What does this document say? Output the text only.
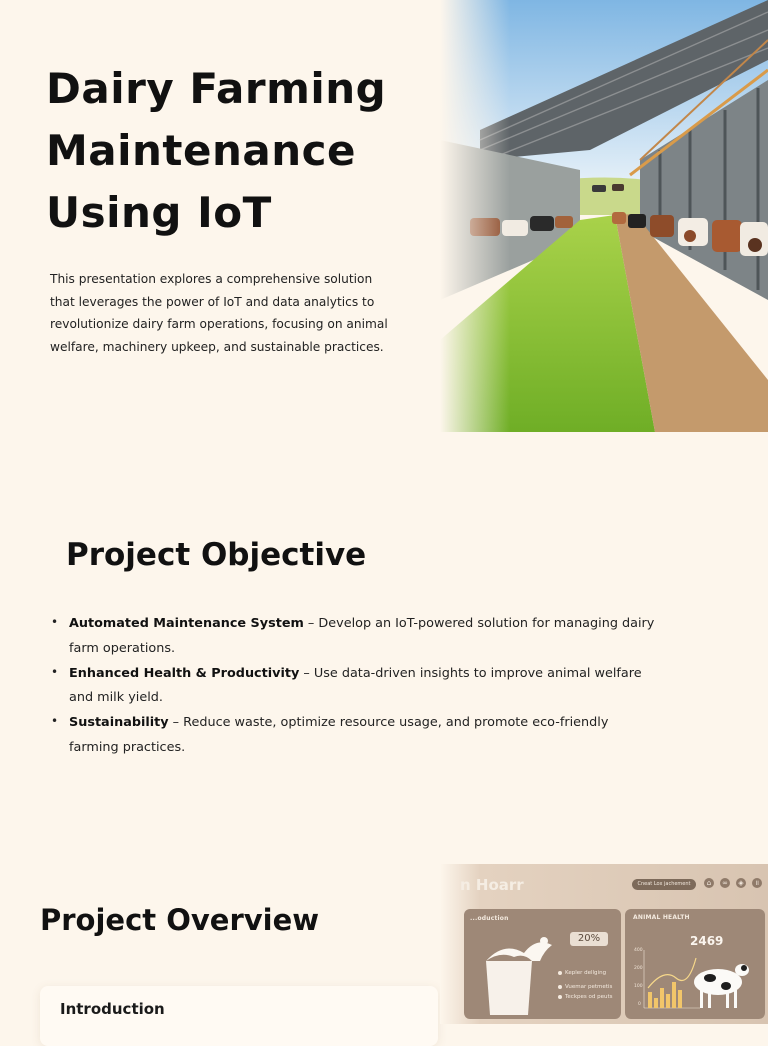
Dairy Farming Maintenance Using IoT

This presentation explores a comprehensive solution that leverages the power of IoT and data analytics to revolutionize dairy farm operations, focusing on animal welfare, machinery upkeep, and sustainable practices.

Project Objective
• Automated Maintenance System – Develop an IoT-powered solution for managing dairy farm operations.
• Enhanced Health & Productivity – Use data-driven insights to improve animal welfare and milk yield.
• Sustainability – Reduce waste, optimize resource usage, and promote eco-friendly farming practices.
Project Overview
Introduction
n Hoarr	Cneat Lox jachement	⌂	∞	◈	॥
...oduction
20%
Kepler dellging
Vuemar petmetis
Teckpes od peuts
ANIMAL HEALTH
2469
400
200
100
0
